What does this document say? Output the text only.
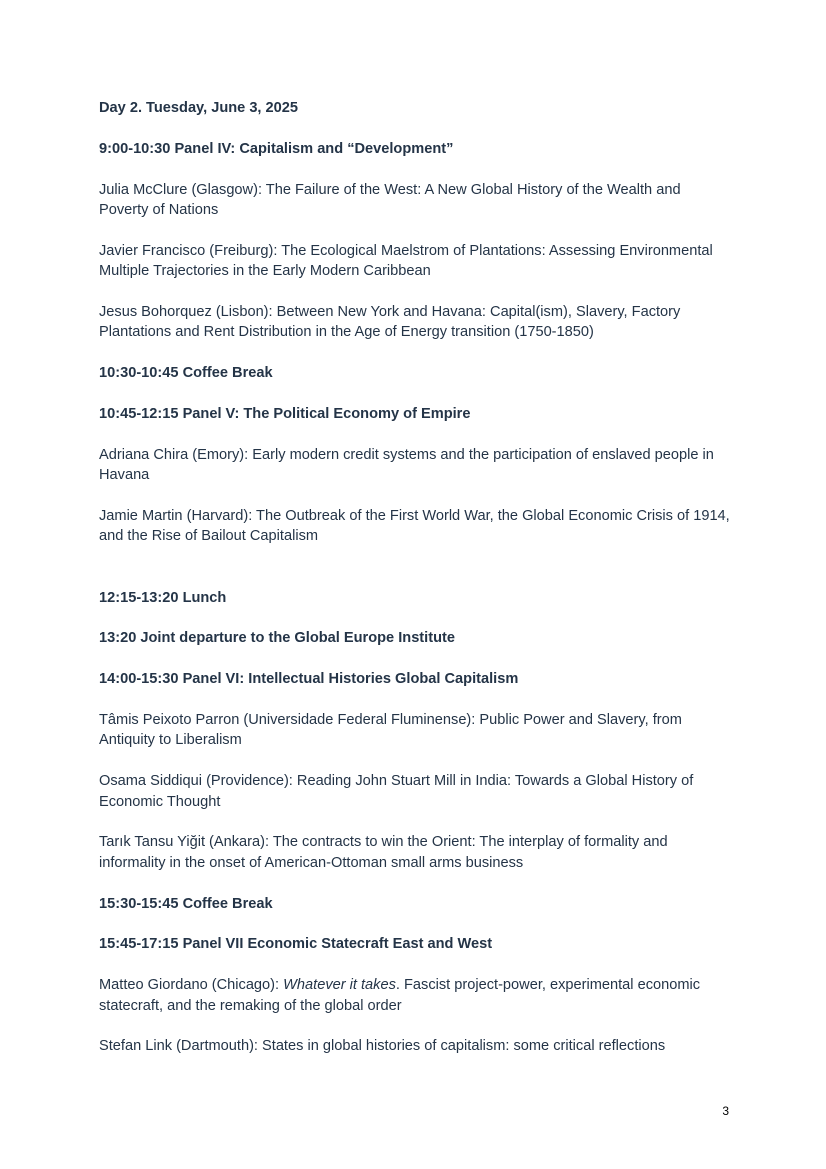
Day 2. Tuesday, June 3, 2025

9:00-10:30 Panel IV: Capitalism and “Development”

Julia McClure (Glasgow): The Failure of the West: A New Global History of the Wealth and Poverty of Nations

Javier Francisco (Freiburg): The Ecological Maelstrom of Plantations: Assessing Environmental Multiple Trajectories in the Early Modern Caribbean

Jesus Bohorquez (Lisbon): Between New York and Havana: Capital(ism), Slavery, Factory Plantations and Rent Distribution in the Age of Energy transition (1750-1850)

10:30-10:45 Coffee Break

10:45-12:15 Panel V: The Political Economy of Empire

Adriana Chira (Emory): Early modern credit systems and the participation of enslaved people in Havana

Jamie Martin (Harvard): The Outbreak of the First World War, the Global Economic Crisis of 1914, and the Rise of Bailout Capitalism

12:15-13:20 Lunch

13:20 Joint departure to the Global Europe Institute

14:00-15:30 Panel VI: Intellectual Histories Global Capitalism

Tâmis Peixoto Parron (Universidade Federal Fluminense): Public Power and Slavery, from Antiquity to Liberalism

Osama Siddiqui (Providence): Reading John Stuart Mill in India: Towards a Global History of Economic Thought

Tarık Tansu Yiğit (Ankara): The contracts to win the Orient: The interplay of formality and informality in the onset of American-Ottoman small arms business

15:30-15:45 Coffee Break

15:45-17:15 Panel VII Economic Statecraft East and West

Matteo Giordano (Chicago): Whatever it takes. Fascist project-power, experimental economic statecraft, and the remaking of the global order

Stefan Link (Dartmouth): States in global histories of capitalism: some critical reflections

3
